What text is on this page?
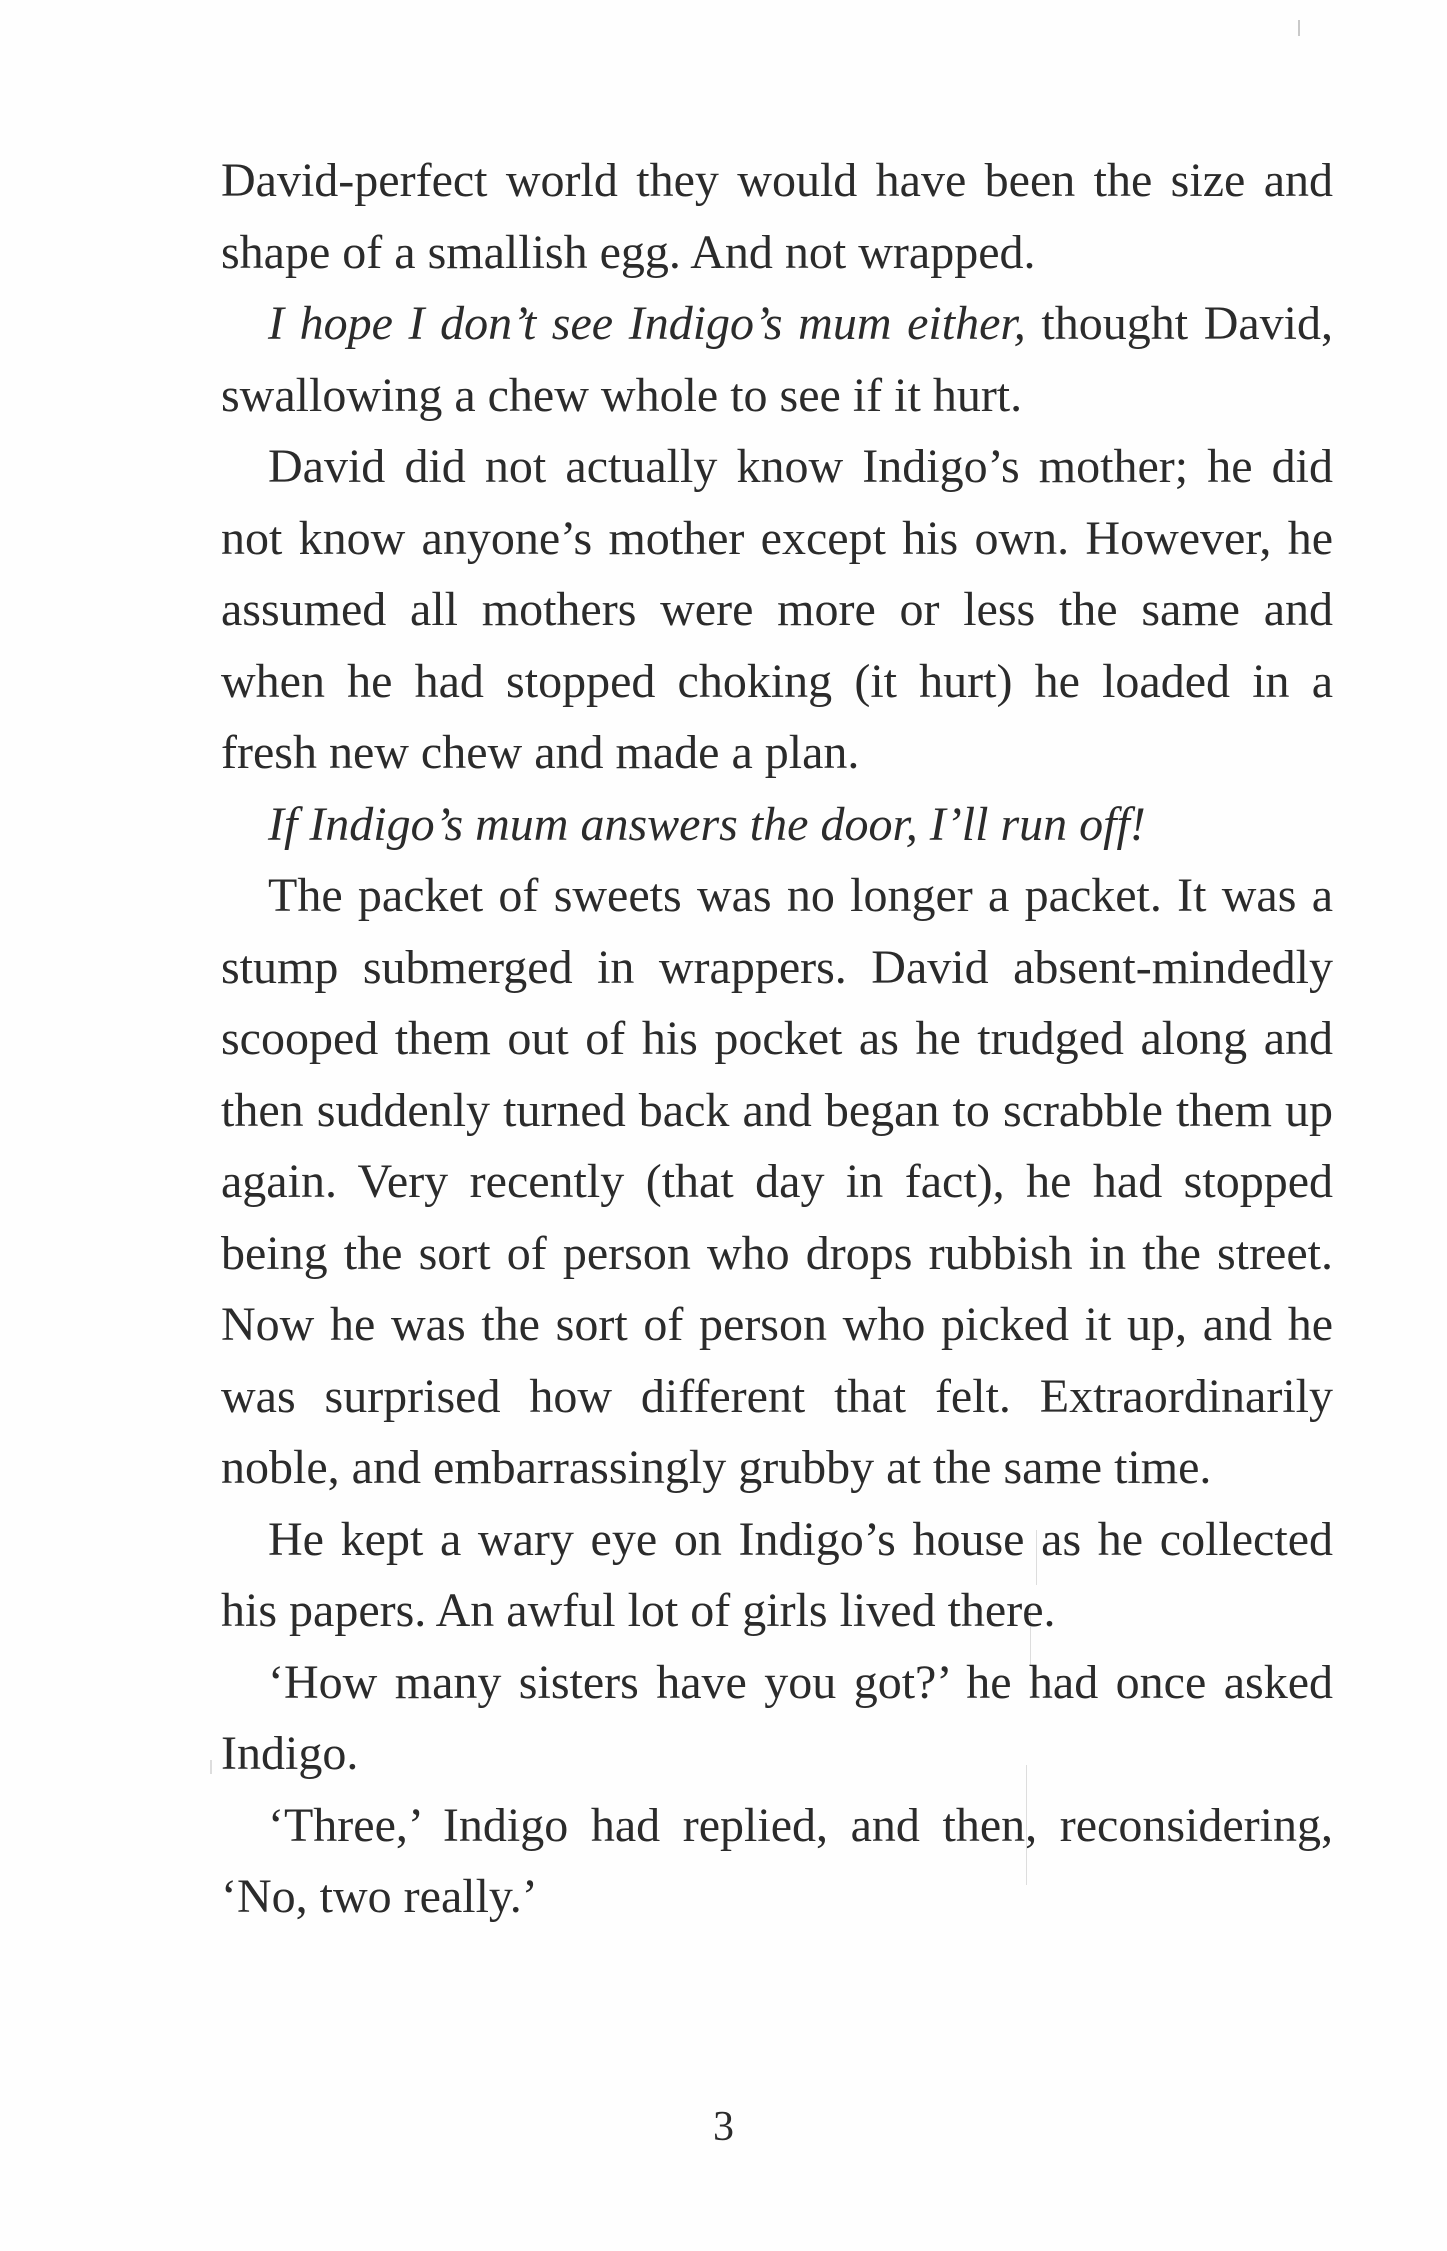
David-perfect world they would have been the size and shape of a smallish egg. And not wrapped.

I hope I don’t see Indigo’s mum either, thought David, swallowing a chew whole to see if it hurt.

David did not actually know Indigo’s mother; he did not know anyone’s mother except his own. However, he assumed all mothers were more or less the same and when he had stopped choking (it hurt) he loaded in a fresh new chew and made a plan.

If Indigo’s mum answers the door, I’ll run off!

The packet of sweets was no longer a packet. It was a stump submerged in wrappers. David absent-mindedly scooped them out of his pocket as he trudged along and then suddenly turned back and began to scrabble them up again. Very recently (that day in fact), he had stopped being the sort of person who drops rubbish in the street. Now he was the sort of person who picked it up, and he was surprised how different that felt. Extraordinarily noble, and embarrassingly grubby at the same time.

He kept a wary eye on Indigo’s house as he collected his papers. An awful lot of girls lived there.

‘How many sisters have you got?’ he had once asked Indigo.

‘Three,’ Indigo had replied, and then, reconsidering, ‘No, two really.’

3
